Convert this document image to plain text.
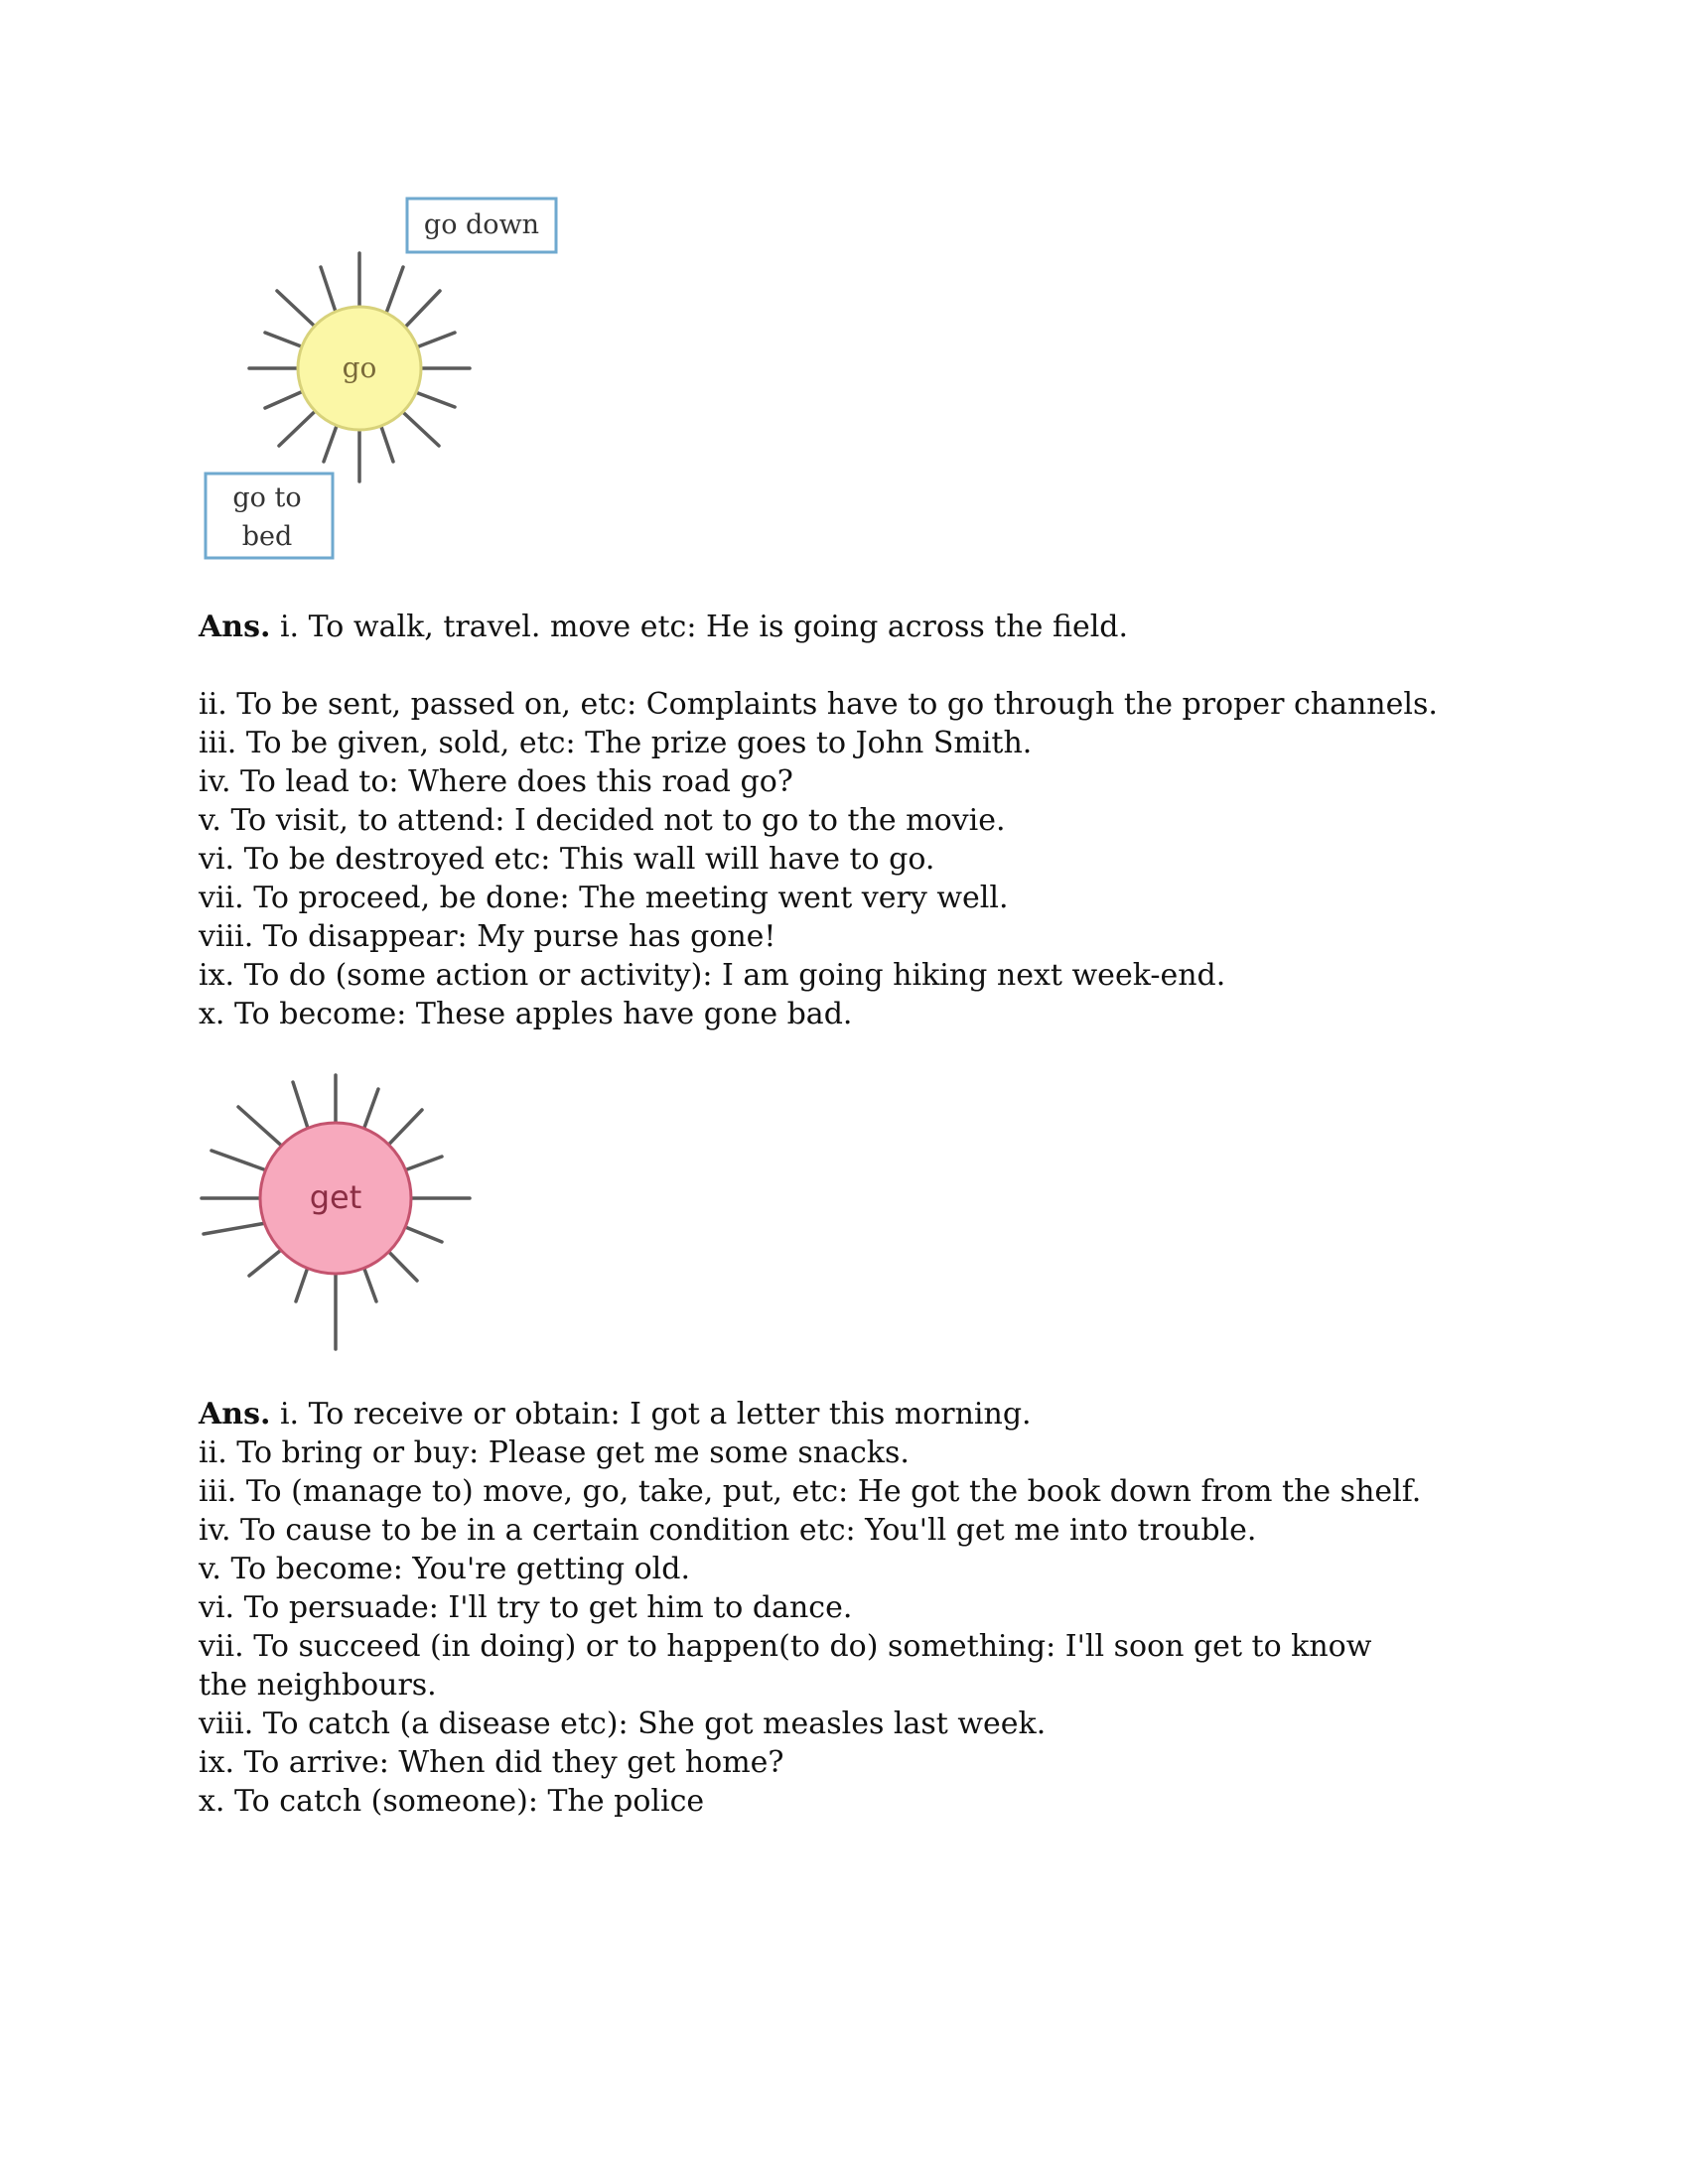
go
go down
go to
bed

Ans. i. To walk, travel. move etc: He is going across the field.

ii. To be sent, passed on, etc: Complaints have to go through the proper channels.

iii. To be given, sold, etc: The prize goes to John Smith.

iv. To lead to: Where does this road go?

v. To visit, to attend: I decided not to go to the movie.

vi. To be destroyed etc: This wall will have to go.

vii. To proceed, be done: The meeting went very well.

viii. To disappear: My purse has gone!

ix. To do (some action or activity): I am going hiking next week-end.

x. To become: These apples have gone bad.

get

Ans. i. To receive or obtain: I got a letter this morning.

ii. To bring or buy: Please get me some snacks.

iii. To (manage to) move, go, take, put, etc: He got the book down from the shelf.

iv. To cause to be in a certain condition etc: You'll get me into trouble.

v. To become: You're getting old.

vi. To persuade: I'll try to get him to dance.

vii. To succeed (in doing) or to happen(to do) something: I'll soon get to know the neighbours.

viii. To catch (a disease etc): She got measles last week.

ix. To arrive: When did they get home?

x. To catch (someone): The police
